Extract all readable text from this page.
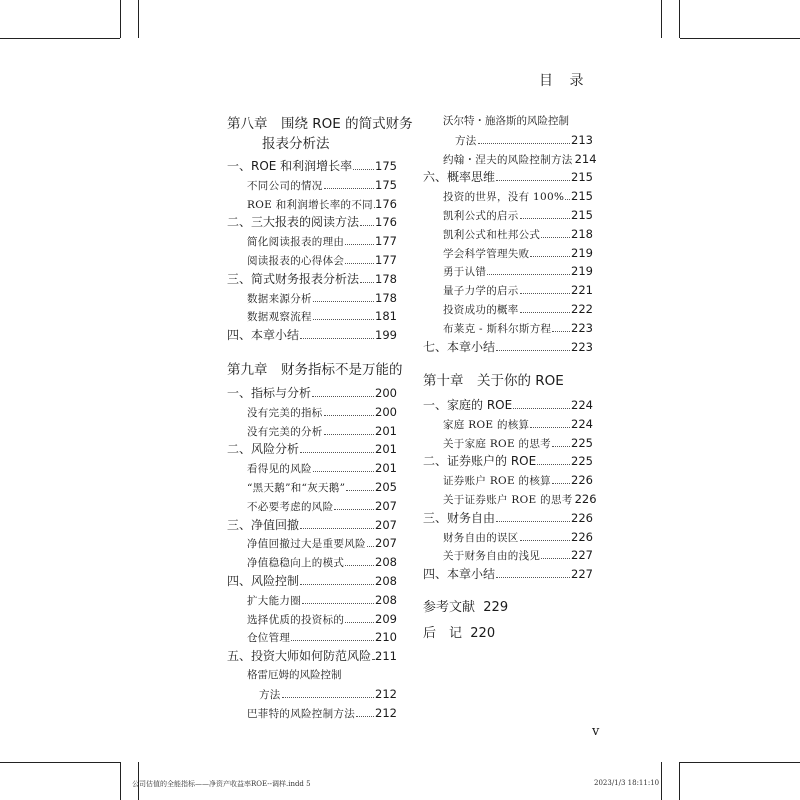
目 录
第八章　围绕 ROE 的简式财务
报表分析法
一、ROE 和利润增长率 175
不同公司的情况	175
ROE 和利润增长率的不同 176
二、三大报表的阅读方法 176
简化阅读报表的理由	177
阅读报表的心得体会	177
三、简式财务报表分析法 178
数据来源分析	178
数据观察流程	181
四、本章小结	199
第九章　财务指标不是万能的
一、指标与分析	200
没有完美的指标	200
没有完美的分析	201
二、风险分析	201
看得见的风险	201
“黑天鹅”和“灰天鹅”	205
不必要考虑的风险	207
三、净值回撤	207
净值回撤过大是重要风险 207
净值稳稳向上的模式	208
四、风险控制	208
扩大能力圈	208
选择优质的投资标的	209
仓位管理	210
五、投资大师如何防范风险 211
格雷厄姆的风险控制
方法	212
巴菲特的风险控制方法 212
沃尔特・施洛斯的风险控制
方法	213
约翰・涅夫的风险控制方法 214
六、概率思维	215
投资的世界，没有 100% 215
凯利公式的启示	215
凯利公式和杜邦公式	218
学会科学管理失败	219
勇于认错	219
量子力学的启示	221
投资成功的概率	222
布莱克 - 斯科尔斯方程 223
七、本章小结	223
第十章　关于你的 ROE
一、家庭的 ROE	224
家庭 ROE 的核算	224
关于家庭 ROE 的思考 225
二、证券账户的 ROE	225
证券账户 ROE 的核算 226
关于证券账户 ROE 的思考 226
三、财务自由	226
财务自由的误区	226
关于财务自由的浅见	227
四、本章小结	227
参考文献 229
后　记 220
v
公司估值的全能指标——净资产收益率ROE--调样.indd 5	2023/1/3 18:11:10
